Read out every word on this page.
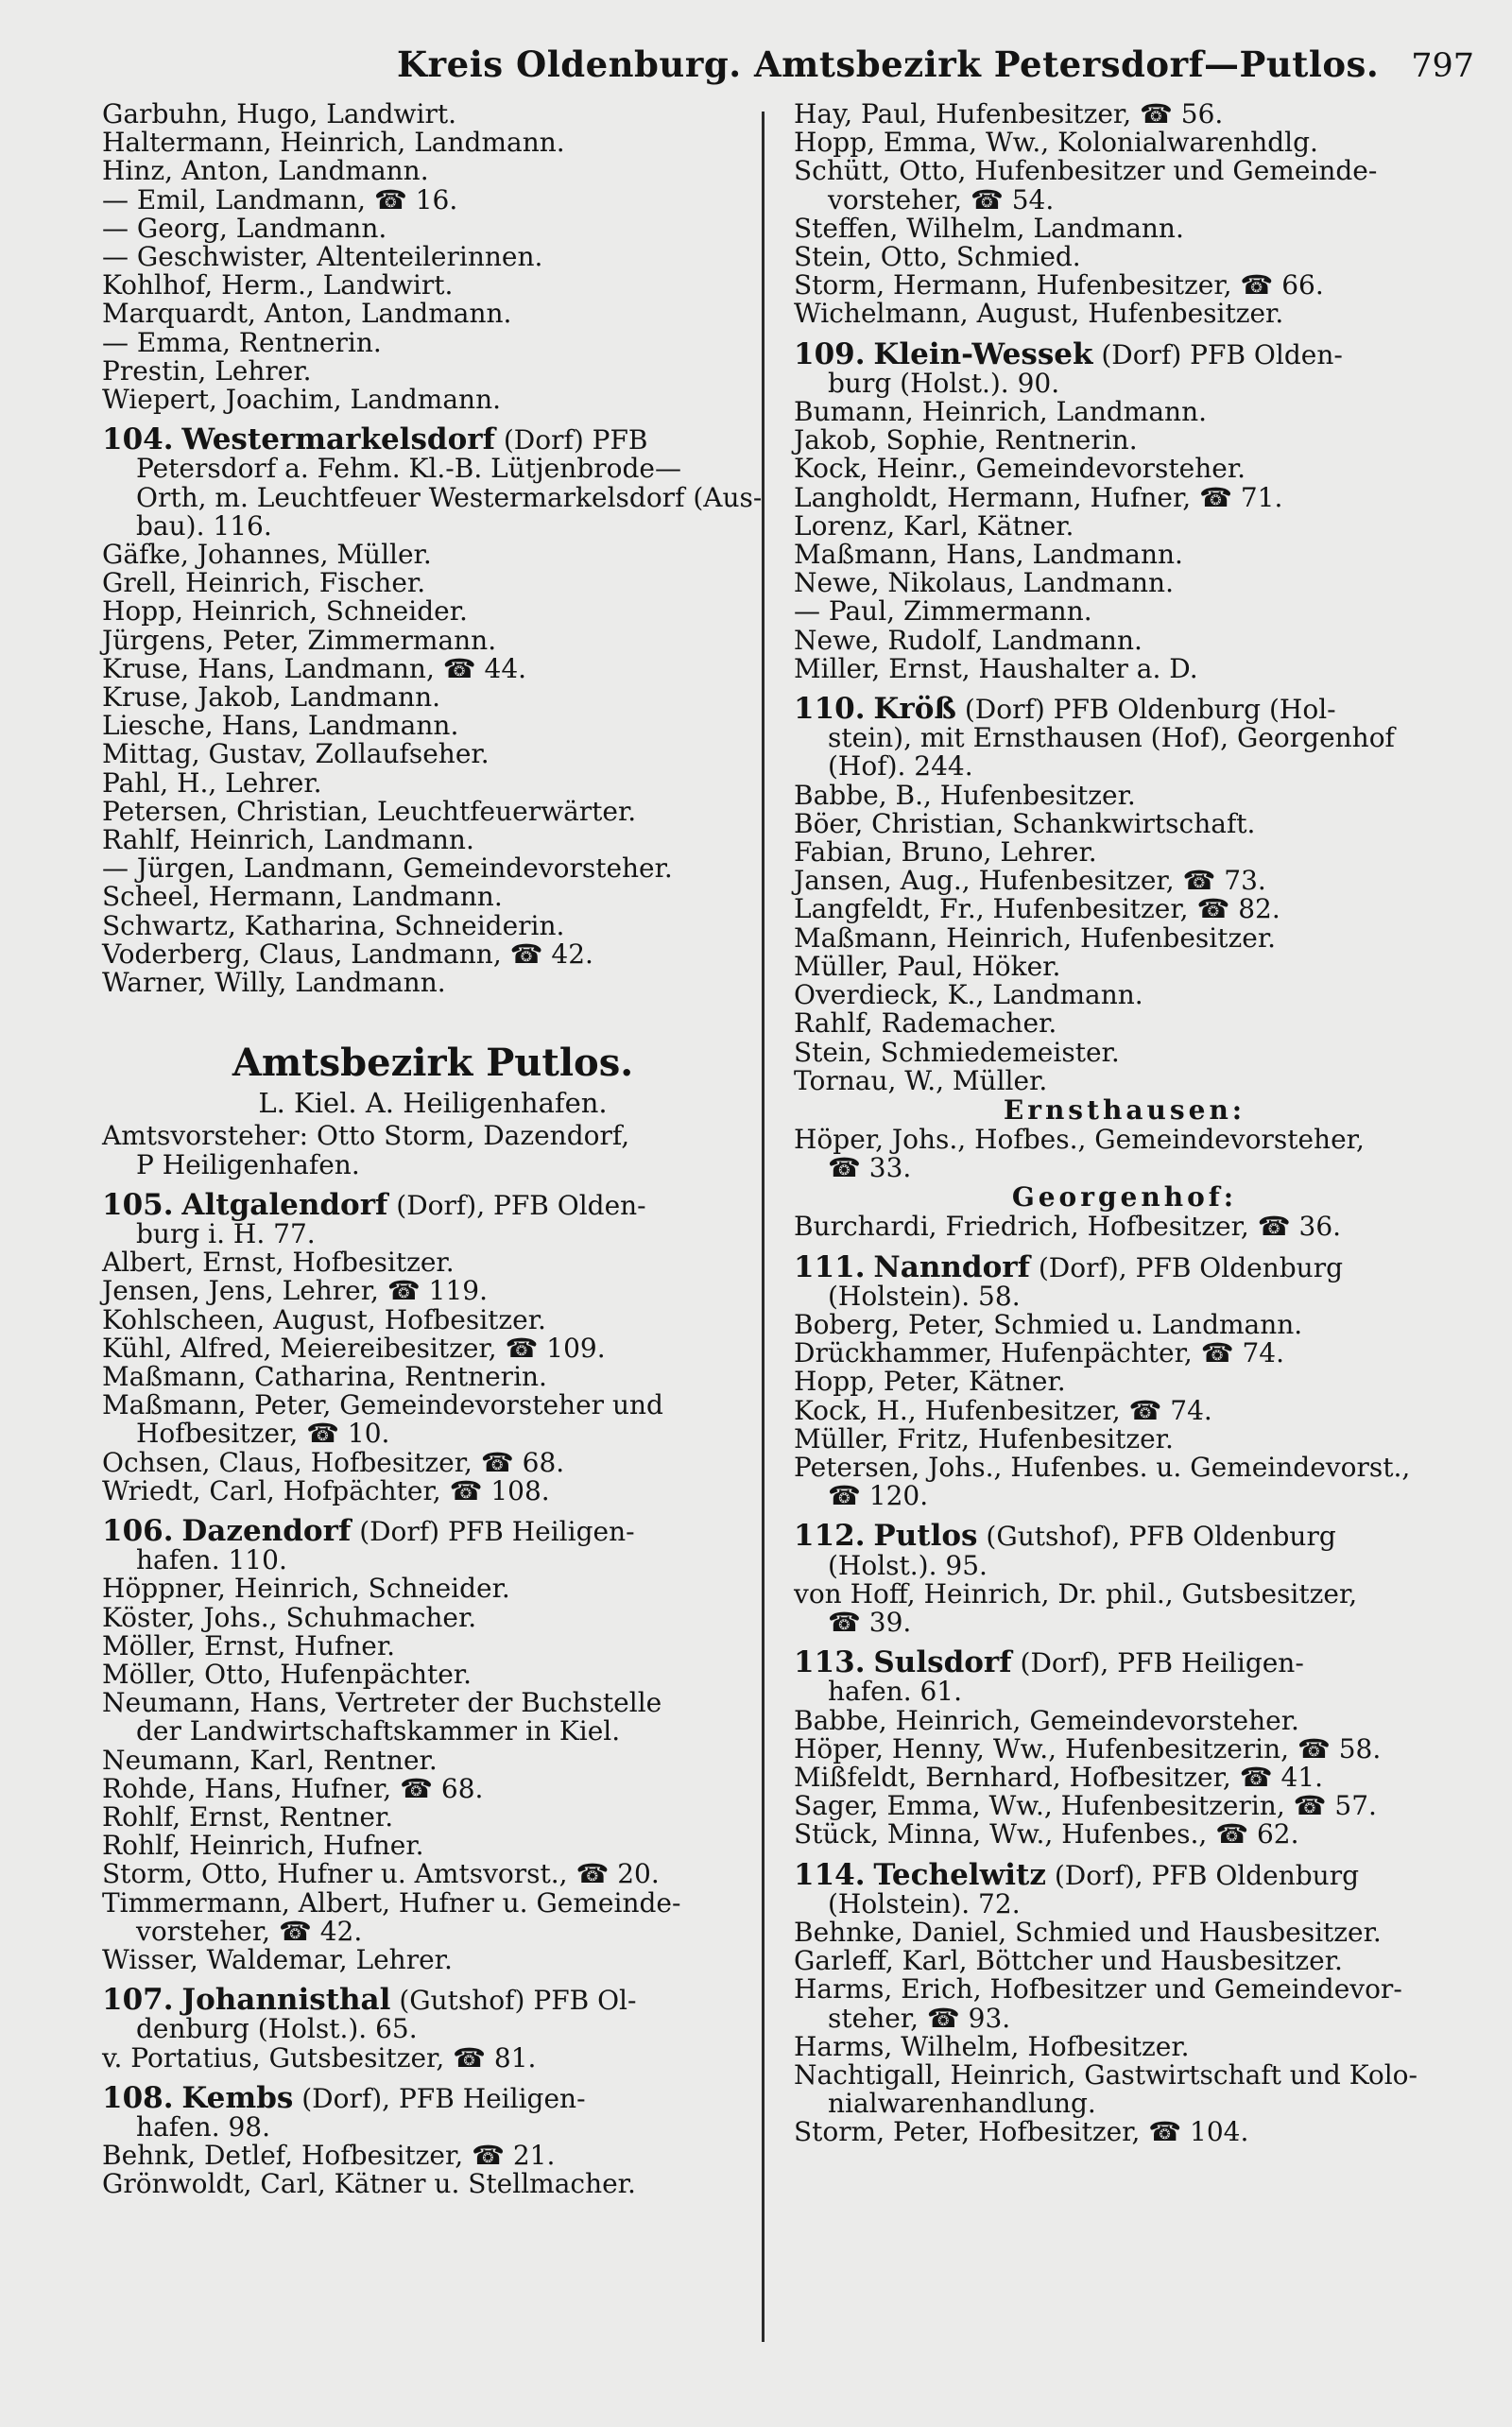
Kreis Oldenburg. Amtsbezirk Petersdorf—Putlos. 797
Garbuhn, Hugo, Landwirt.
Haltermann, Heinrich, Landmann.
Hinz, Anton, Landmann.
— Emil, Landmann, ☎ 16.
— Georg, Landmann.
— Geschwister, Altenteilerinnen.
Kohlhof, Herm., Landwirt.
Marquardt, Anton, Landmann.
— Emma, Rentnerin.
Prestin, Lehrer.
Wiepert, Joachim, Landmann.
104. Westermarkelsdorf (Dorf) PFB
Petersdorf a. Fehm. Kl.-B. Lütjenbrode—
Orth, m. Leuchtfeuer Westermarkelsdorf (Aus-
bau). 116.
Gäfke, Johannes, Müller.
Grell, Heinrich, Fischer.
Hopp, Heinrich, Schneider.
Jürgens, Peter, Zimmermann.
Kruse, Hans, Landmann, ☎ 44.
Kruse, Jakob, Landmann.
Liesche, Hans, Landmann.
Mittag, Gustav, Zollaufseher.
Pahl, H., Lehrer.
Petersen, Christian, Leuchtfeuerwärter.
Rahlf, Heinrich, Landmann.
— Jürgen, Landmann, Gemeindevorsteher.
Scheel, Hermann, Landmann.
Schwartz, Katharina, Schneiderin.
Voderberg, Claus, Landmann, ☎ 42.
Warner, Willy, Landmann.
Amtsbezirk Putlos.
L. Kiel. A. Heiligenhafen.
Amtsvorsteher: Otto Storm, Dazendorf,
P Heiligenhafen.
105. Altgalendorf (Dorf), PFB Olden-
burg i. H. 77.
Albert, Ernst, Hofbesitzer.
Jensen, Jens, Lehrer, ☎ 119.
Kohlscheen, August, Hofbesitzer.
Kühl, Alfred, Meiereibesitzer, ☎ 109.
Maßmann, Catharina, Rentnerin.
Maßmann, Peter, Gemeindevorsteher und
Hofbesitzer, ☎ 10.
Ochsen, Claus, Hofbesitzer, ☎ 68.
Wriedt, Carl, Hofpächter, ☎ 108.
106. Dazendorf (Dorf) PFB Heiligen-
hafen. 110.
Höppner, Heinrich, Schneider.
Köster, Johs., Schuhmacher.
Möller, Ernst, Hufner.
Möller, Otto, Hufenpächter.
Neumann, Hans, Vertreter der Buchstelle
der Landwirtschaftskammer in Kiel.
Neumann, Karl, Rentner.
Rohde, Hans, Hufner, ☎ 68.
Rohlf, Ernst, Rentner.
Rohlf, Heinrich, Hufner.
Storm, Otto, Hufner u. Amtsvorst., ☎ 20.
Timmermann, Albert, Hufner u. Gemeinde-
vorsteher, ☎ 42.
Wisser, Waldemar, Lehrer.
107. Johannisthal (Gutshof) PFB Ol-
denburg (Holst.). 65.
v. Portatius, Gutsbesitzer, ☎ 81.
108. Kembs (Dorf), PFB Heiligen-
hafen. 98.
Behnk, Detlef, Hofbesitzer, ☎ 21.
Grönwoldt, Carl, Kätner u. Stellmacher.
Hay, Paul, Hufenbesitzer, ☎ 56.
Hopp, Emma, Ww., Kolonialwarenhdlg.
Schütt, Otto, Hufenbesitzer und Gemeinde-
vorsteher, ☎ 54.
Steffen, Wilhelm, Landmann.
Stein, Otto, Schmied.
Storm, Hermann, Hufenbesitzer, ☎ 66.
Wichelmann, August, Hufenbesitzer.
109. Klein-Wessek (Dorf) PFB Olden-
burg (Holst.). 90.
Bumann, Heinrich, Landmann.
Jakob, Sophie, Rentnerin.
Kock, Heinr., Gemeindevorsteher.
Langholdt, Hermann, Hufner, ☎ 71.
Lorenz, Karl, Kätner.
Maßmann, Hans, Landmann.
Newe, Nikolaus, Landmann.
— Paul, Zimmermann.
Newe, Rudolf, Landmann.
Miller, Ernst, Haushalter a. D.
110. Kröß (Dorf) PFB Oldenburg (Hol-
stein), mit Ernsthausen (Hof), Georgenhof
(Hof). 244.
Babbe, B., Hufenbesitzer.
Böer, Christian, Schankwirtschaft.
Fabian, Bruno, Lehrer.
Jansen, Aug., Hufenbesitzer, ☎ 73.
Langfeldt, Fr., Hufenbesitzer, ☎ 82.
Maßmann, Heinrich, Hufenbesitzer.
Müller, Paul, Höker.
Overdieck, K., Landmann.
Rahlf, Rademacher.
Stein, Schmiedemeister.
Tornau, W., Müller.
Ernsthausen:
Höper, Johs., Hofbes., Gemeindevorsteher,
☎ 33.
Georgenhof:
Burchardi, Friedrich, Hofbesitzer, ☎ 36.
111. Nanndorf (Dorf), PFB Oldenburg
(Holstein). 58.
Boberg, Peter, Schmied u. Landmann.
Drückhammer, Hufenpächter, ☎ 74.
Hopp, Peter, Kätner.
Kock, H., Hufenbesitzer, ☎ 74.
Müller, Fritz, Hufenbesitzer.
Petersen, Johs., Hufenbes. u. Gemeindevorst.,
☎ 120.
112. Putlos (Gutshof), PFB Oldenburg
(Holst.). 95.
von Hoff, Heinrich, Dr. phil., Gutsbesitzer,
☎ 39.
113. Sulsdorf (Dorf), PFB Heiligen-
hafen. 61.
Babbe, Heinrich, Gemeindevorsteher.
Höper, Henny, Ww., Hufenbesitzerin, ☎ 58.
Mißfeldt, Bernhard, Hofbesitzer, ☎ 41.
Sager, Emma, Ww., Hufenbesitzerin, ☎ 57.
Stück, Minna, Ww., Hufenbes., ☎ 62.
114. Techelwitz (Dorf), PFB Oldenburg
(Holstein). 72.
Behnke, Daniel, Schmied und Hausbesitzer.
Garleff, Karl, Böttcher und Hausbesitzer.
Harms, Erich, Hofbesitzer und Gemeindevor-
steher, ☎ 93.
Harms, Wilhelm, Hofbesitzer.
Nachtigall, Heinrich, Gastwirtschaft und Kolo-
nialwarenhandlung.
Storm, Peter, Hofbesitzer, ☎ 104.
